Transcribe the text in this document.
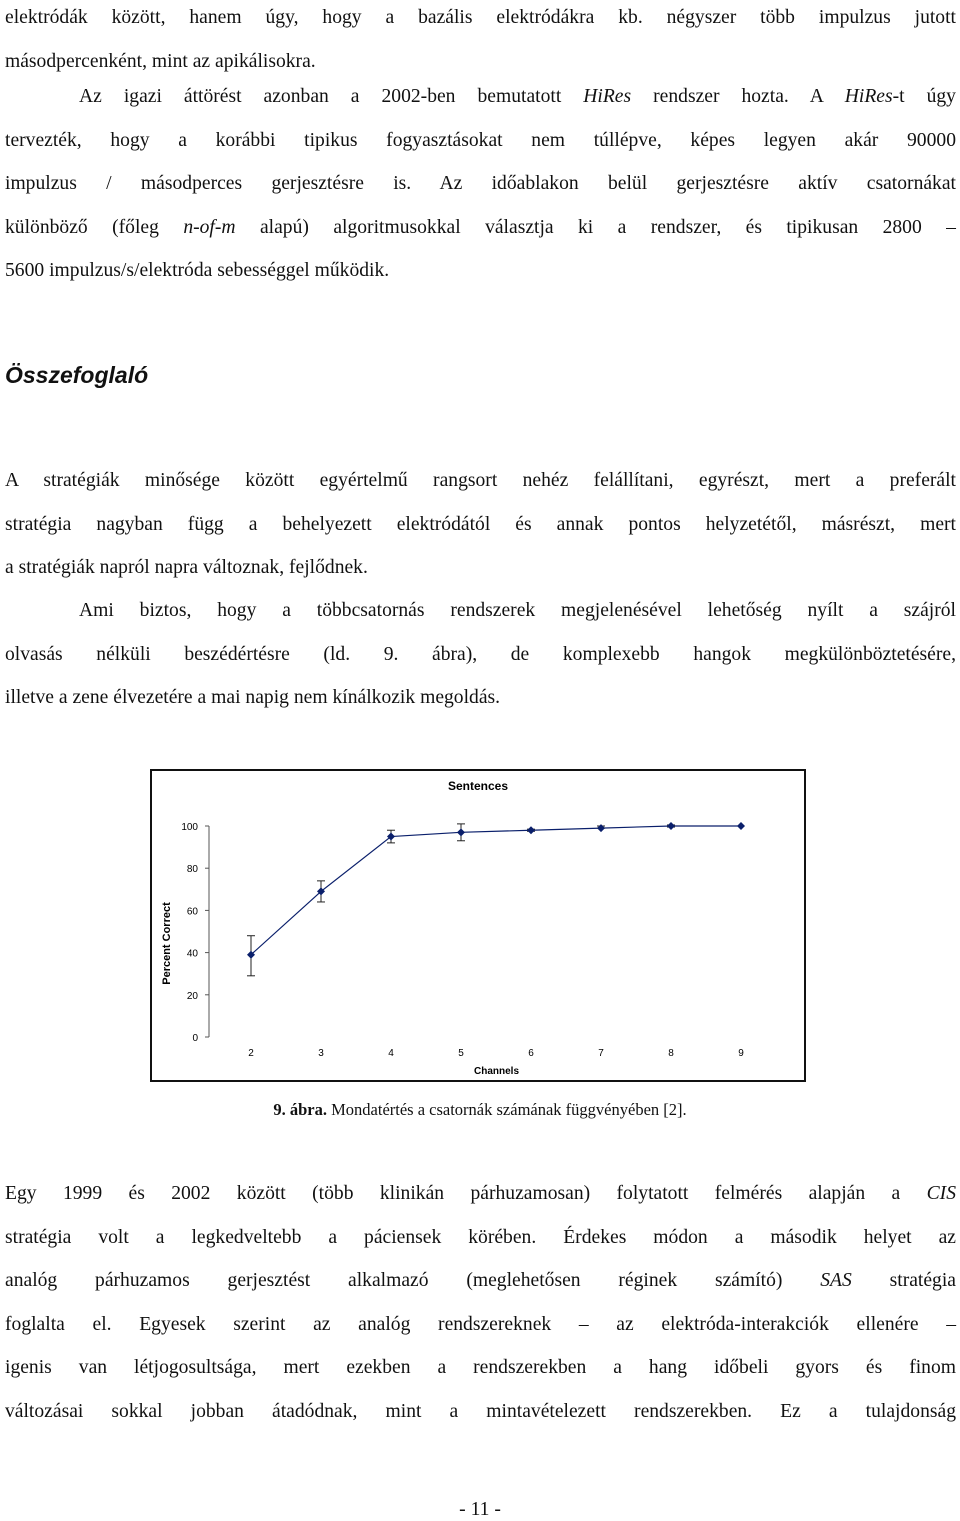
elektródák között, hanem úgy, hogy a bazális elektródákra kb. négyszer több impulzus jutott
másodpercenként, mint az apikálisokra.

Az igazi áttörést azonban a 2002-ben bemutatott HiRes rendszer hozta. A HiRes-t úgy
tervezték, hogy a korábbi tipikus fogyasztásokat nem túllépve, képes legyen akár 90000
impulzus / másodperces gerjesztésre is. Az időablakon belül gerjesztésre aktív csatornákat
különböző (főleg n-of-m alapú) algoritmusokkal választja ki a rendszer, és tipikusan 2800 –
5600 impulzus/s/elektróda sebességgel működik.

Összefoglaló

A stratégiák minősége között egyértelmű rangsort nehéz felállítani, egyrészt, mert a preferált
stratégia nagyban függ a behelyezett elektródától és annak pontos helyzetétől, másrészt, mert
a stratégiák napról napra változnak, fejlődnek.

Ami biztos, hogy a többcsatornás rendszerek megjelenésével lehetőség nyílt a szájról
olvasás nélküli beszédértésre (ld. 9. ábra), de komplexebb hangok megkülönböztetésére,
illetve a zene élvezetére a mai napig nem kínálkozik megoldás.

Sentences
0
20
40
60
80
100
2	3	4	5	6	7	8	9
Channels
Percent Correct
9. ábra. Mondatértés a csatornák számának függvényében [2].

Egy 1999 és 2002 között (több klinikán párhuzamosan) folytatott felmérés alapján a CIS
stratégia volt a legkedveltebb a páciensek körében. Érdekes módon a második helyet az
analóg párhuzamos gerjesztést alkalmazó (meglehetősen réginek számító) SAS stratégia
foglalta el. Egyesek szerint az analóg rendszereknek – az elektróda-interakciók ellenére –
igenis van létjogosultsága, mert ezekben a rendszerekben a hang időbeli gyors és finom
változásai sokkal jobban átadódnak, mint a mintavételezett rendszerekben. Ez a tulajdonság

- 11 -
